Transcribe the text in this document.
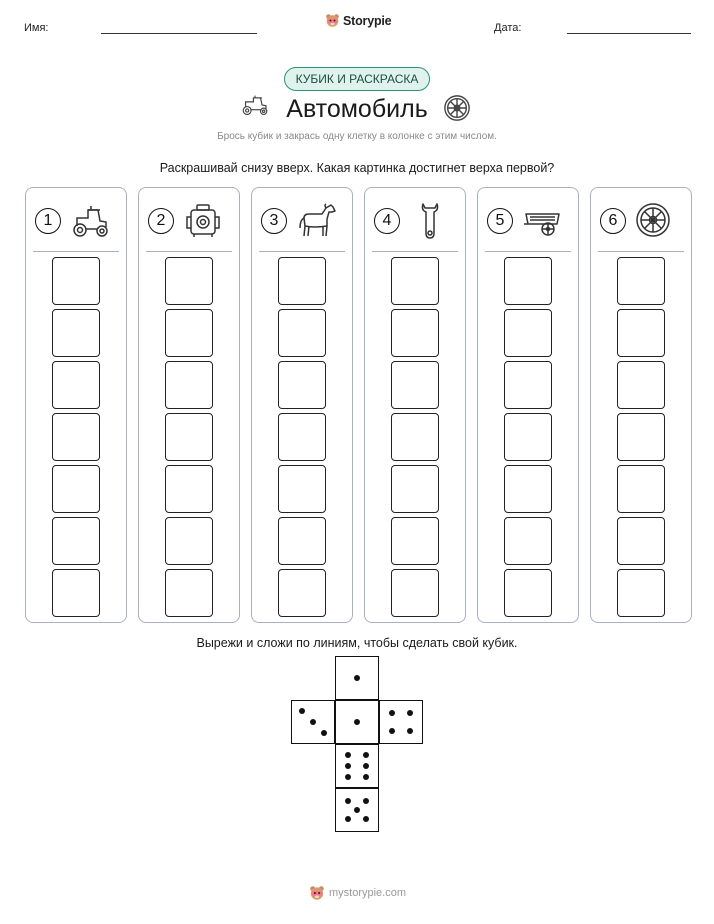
Имя:
Storypie
Дата:
КУБИК И РАСКРАСКА
Автомобиль
Брось кубик и закрась одну клетку в колонке с этим числом.
Раскрашивай снизу вверх. Какая картинка достигнет верха первой?
1	2	3	4	5	6
Вырежи и сложи по линиям, чтобы сделать свой кубик.
mystorypie.com
